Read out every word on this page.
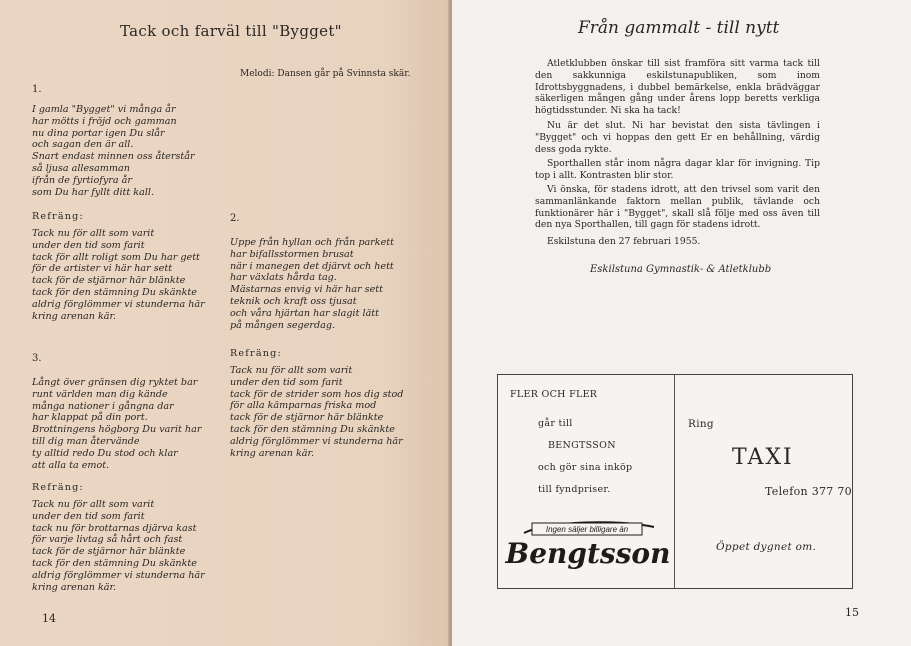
Tack och farväl till "Bygget"
Melodi: Dansen går på Svinnsta skär.
1.
I gamla "Bygget" vi många år
har mötts i fröjd och gamman
nu dina portar igen Du slår
och sagan den är all.
Snart endast minnen oss återstår
så ljusa allesamman
ifrån de fyrtiofyra år
som Du har fyllt ditt kall.
Refräng:
Tack nu för allt som varit
under den tid som farit
tack för allt roligt som Du har gett
för de artister vi här har sett
tack för de stjärnor här blänkte
tack för den stämning Du skänkte
aldrig förglömmer vi stunderna här
kring arenan kär.
2.
Uppe från hyllan och från parkett
har bifallsstormen brusat
när i manegen det djärvt och hett
har växlats hårda tag.
Mästarnas envig vi här har sett
teknik och kraft oss tjusat
och våra hjärtan har slagit lätt
på mången segerdag.
Refräng:
Tack nu för allt som varit
under den tid som farit
tack för de strider som hos dig stod
för alla kämparnas friska mod
tack för de stjärnor här blänkte
tack för den stämning Du skänkte
aldrig förglömmer vi stunderna här
kring arenan kär.
3.
Långt över gränsen dig ryktet bar
runt världen man dig kände
många nationer i gångna dar
har klappat på din port.
Brottningens högborg Du varit har
till dig man återvände
ty alltid redo Du stod och klar
att alla ta emot.
Refräng:
Tack nu för allt som varit
under den tid som farit
tack nu för brottarnas djärva kast
för varje livtag så hårt och fast
tack för de stjärnor här blänkte
tack för den stämning Du skänkte
aldrig förglömmer vi stunderna här
kring arenan kär.
14
Från gammalt - till nytt
Atletklubben önskar till sist framföra sitt varma tack till den sakkunniga eskilstunapubliken, som inom Idrottsbyggnadens, i dubbel bemärkelse, enkla brädväggar säkerligen mången gång under årens lopp beretts verkliga högtidsstunder. Ni ska ha tack!
Nu är det slut. Ni har bevistat den sista tävlingen i "Bygget" och vi hoppas den gett Er en behållning, värdig dess goda rykte.
Sporthallen står inom några dagar klar för invigning. Tip top i allt. Kontrasten blir stor.
Vi önska, för stadens idrott, att den trivsel som varit den sammanlänkande faktorn mellan publik, tävlande och funktionärer här i "Bygget", skall slå följe med oss även till den nya Sporthallen, till gagn för stadens idrott.
Eskilstuna den 27 februari 1955.
Eskilstuna Gymnastik- & Atletklubb
FLER OCH FLER
går till
BENGTSSON
och gör sina inköp
till fyndpriser.
Ingen säljer billigare än
Bengtsson
Ring
TAXI
Telefon 377 70
Öppet dygnet om.
15
